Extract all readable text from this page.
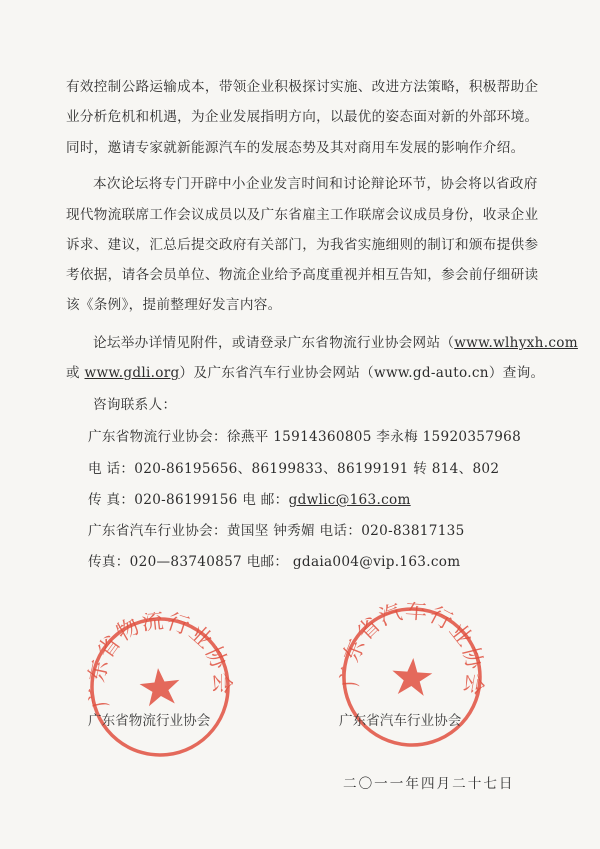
有效控制公路运输成本，带领企业积极探讨实施、改进方法策略，积极帮助企
业分析危机和机遇，为企业发展指明方向，以最优的姿态面对新的外部环境。
同时，邀请专家就新能源汽车的发展态势及其对商用车发展的影响作介绍。
本次论坛将专门开辟中小企业发言时间和讨论辩论环节，协会将以省政府
现代物流联席工作会议成员以及广东省雇主工作联席会议成员身份，收录企业
诉求、建议，汇总后提交政府有关部门，为我省实施细则的制订和颁布提供参
考依据，请各会员单位、物流企业给予高度重视并相互告知，参会前仔细研读
该《条例》，提前整理好发言内容。
论坛举办详情见附件，或请登录广东省物流行业协会网站（www.wlhyxh.com
或 www.gdli.org）及广东省汽车行业协会网站（www.gd-auto.cn）查询。
咨询联系人：
广东省物流行业协会：徐燕平 15914360805 李永梅 15920357968
电 话：020-86195656、86199833、86199191 转 814、802
传 真：020-86199156 电 邮：gdwlic@163.com
广东省汽车行业协会：黄国坚 钟秀媚 电话：020-83817135
传真：020—83740857 电邮： gdaia004@vip.163.com
广东省物流行业协会
广东省物流行业协会
广东省汽车行业协会
广东省汽车行业协会
二〇一一年四月二十七日
